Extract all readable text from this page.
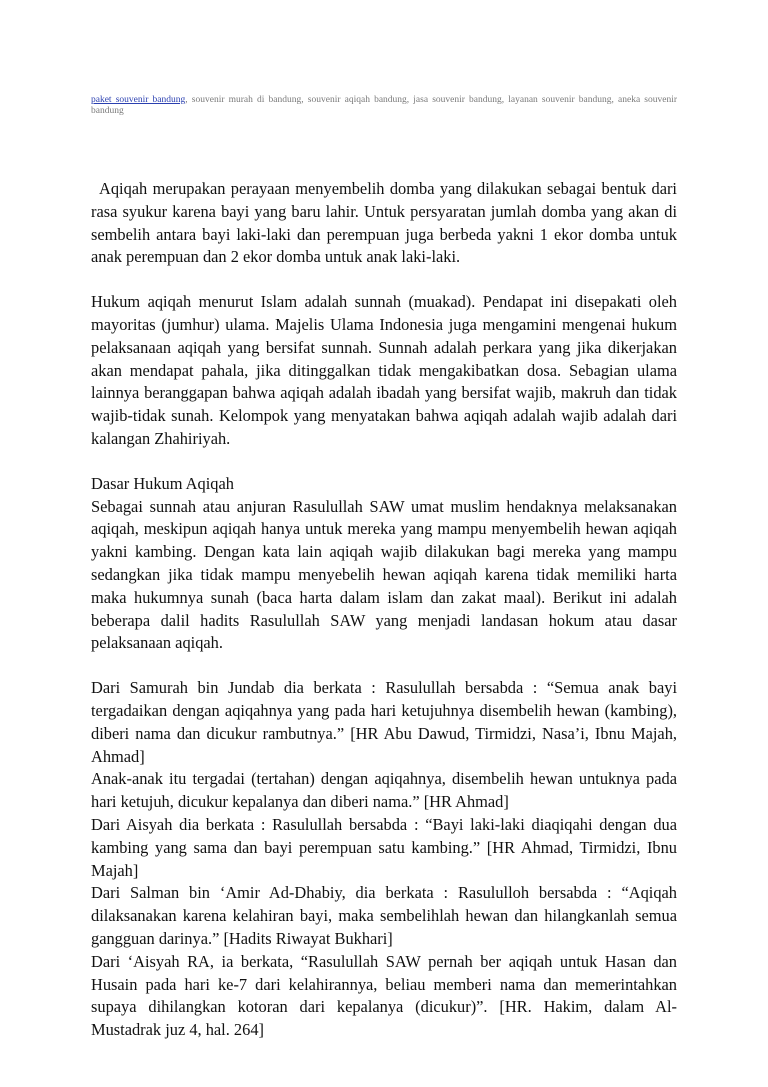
paket souvenir bandung, souvenir murah di bandung, souvenir aqiqah bandung, jasa souvenir bandung, layanan souvenir bandung, aneka souvenir bandung

Aqiqah merupakan perayaan menyembelih domba yang dilakukan sebagai bentuk dari rasa syukur karena bayi yang baru lahir. Untuk persyaratan jumlah domba yang akan di sembelih antara bayi laki-laki dan perempuan juga berbeda yakni 1 ekor domba untuk anak perempuan dan 2 ekor domba untuk anak laki-laki.

Hukum aqiqah menurut Islam adalah sunnah (muakad). Pendapat ini disepakati oleh mayoritas (jumhur) ulama. Majelis Ulama Indonesia juga mengamini mengenai hukum pelaksanaan aqiqah yang bersifat sunnah. Sunnah adalah perkara yang jika dikerjakan akan mendapat pahala, jika ditinggalkan tidak mengakibatkan dosa. Sebagian ulama lainnya beranggapan bahwa aqiqah adalah ibadah yang bersifat wajib, makruh dan tidak wajib-tidak sunah. Kelompok yang menyatakan bahwa aqiqah adalah wajib adalah dari kalangan Zhahiriyah.

Dasar Hukum Aqiqah

Sebagai sunnah atau anjuran Rasulullah SAW umat muslim hendaknya melaksanakan aqiqah, meskipun aqiqah hanya untuk mereka yang mampu menyembelih hewan aqiqah yakni kambing. Dengan kata lain aqiqah wajib dilakukan bagi mereka yang mampu sedangkan jika tidak mampu menyebelih hewan aqiqah karena tidak memiliki harta maka hukumnya sunah (baca harta dalam islam dan zakat maal). Berikut ini adalah beberapa dalil hadits Rasulullah SAW yang menjadi landasan hokum atau dasar pelaksanaan aqiqah.

Dari Samurah bin Jundab dia berkata : Rasulullah bersabda : “Semua anak bayi tergadaikan dengan aqiqahnya yang pada hari ketujuhnya disembelih hewan (kambing), diberi nama dan dicukur rambutnya.” [HR Abu Dawud, Tirmidzi, Nasa’i, Ibnu Majah, Ahmad]

Anak-anak itu tergadai (tertahan) dengan aqiqahnya, disembelih hewan untuknya pada hari ketujuh, dicukur kepalanya dan diberi nama.” [HR Ahmad]

Dari Aisyah dia berkata : Rasulullah bersabda : “Bayi laki-laki diaqiqahi dengan dua kambing yang sama dan bayi perempuan satu kambing.” [HR Ahmad, Tirmidzi, Ibnu Majah]

Dari Salman bin ‘Amir Ad-Dhabiy, dia berkata : Rasululloh bersabda : “Aqiqah dilaksanakan karena kelahiran bayi, maka sembelihlah hewan dan hilangkanlah semua gangguan darinya.” [Hadits Riwayat Bukhari]

Dari ‘Aisyah RA, ia berkata, “Rasulullah SAW pernah ber aqiqah untuk Hasan dan Husain pada hari ke-7 dari kelahirannya, beliau memberi nama dan memerintahkan supaya dihilangkan kotoran dari kepalanya (dicukur)”. [HR. Hakim, dalam Al-Mustadrak juz 4, hal. 264]
